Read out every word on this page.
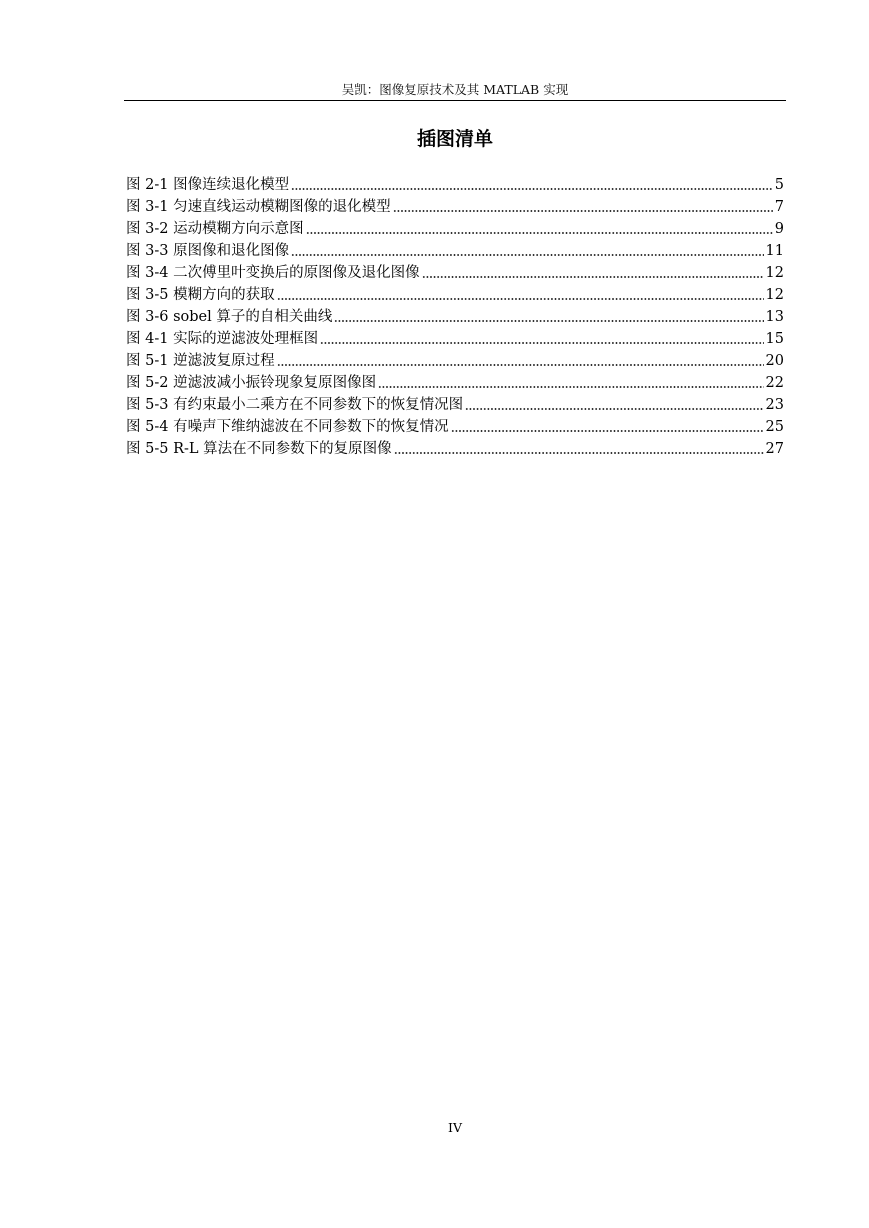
吴凯：图像复原技术及其 MATLAB 实现
插图清单
图 2-1 图像连续退化模型	5
图 3-1 匀速直线运动模糊图像的退化模型	7
图 3-2 运动模糊方向示意图	9
图 3-3 原图像和退化图像	11
图 3-4 二次傅里叶变换后的原图像及退化图像	12
图 3-5 模糊方向的获取	12
图 3-6 sobel 算子的自相关曲线	13
图 4-1 实际的逆滤波处理框图	15
图 5-1 逆滤波复原过程	20
图 5-2 逆滤波减小振铃现象复原图像图	22
图 5-3 有约束最小二乘方在不同参数下的恢复情况图	23
图 5-4 有噪声下维纳滤波在不同参数下的恢复情况	25
图 5-5 R-L 算法在不同参数下的复原图像	27
IV
